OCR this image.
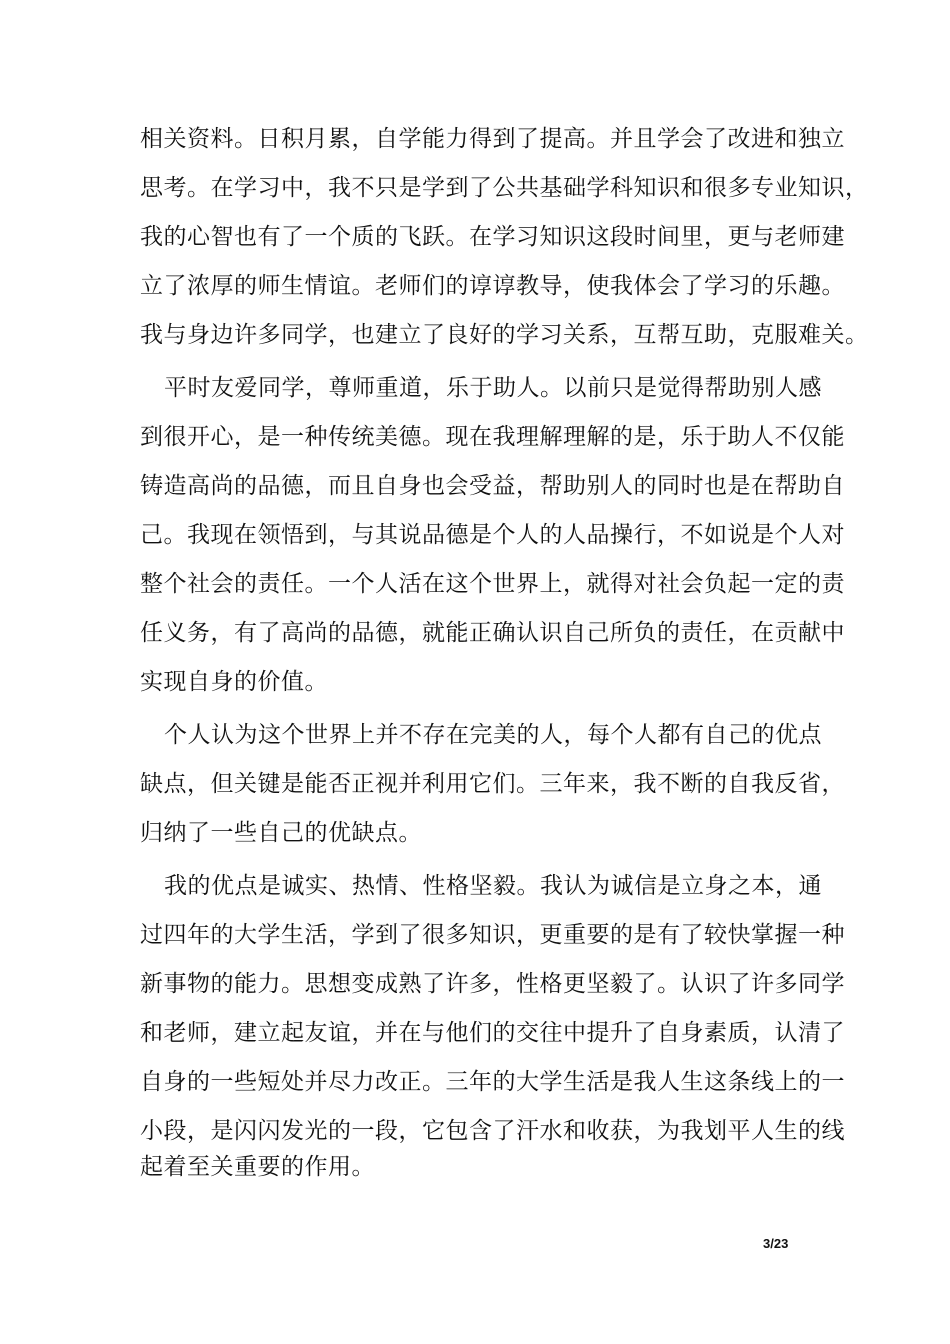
相关资料。日积月累，自学能力得到了提高。并且学会了改进和独立
思考。在学习中，我不只是学到了公共基础学科知识和很多专业知识，
我的心智也有了一个质的飞跃。在学习知识这段时间里，更与老师建
立了浓厚的师生情谊。老师们的谆谆教导，使我体会了学习的乐趣。
我与身边许多同学，也建立了良好的学习关系，互帮互助，克服难关。
平时友爱同学，尊师重道，乐于助人。以前只是觉得帮助别人感
到很开心，是一种传统美德。现在我理解理解的是，乐于助人不仅能
铸造高尚的品德，而且自身也会受益，帮助别人的同时也是在帮助自
己。我现在领悟到，与其说品德是个人的人品操行，不如说是个人对
整个社会的责任。一个人活在这个世界上，就得对社会负起一定的责
任义务，有了高尚的品德，就能正确认识自己所负的责任，在贡献中
实现自身的价值。
个人认为这个世界上并不存在完美的人，每个人都有自己的优点
缺点，但关键是能否正视并利用它们。三年来，我不断的自我反省，
归纳了一些自己的优缺点。
我的优点是诚实、热情、性格坚毅。我认为诚信是立身之本，通
过四年的大学生活，学到了很多知识，更重要的是有了较快掌握一种
新事物的能力。思想变成熟了许多，性格更坚毅了。认识了许多同学
和老师，建立起友谊，并在与他们的交往中提升了自身素质，认清了
自身的一些短处并尽力改正。三年的大学生活是我人生这条线上的一
小段，是闪闪发光的一段，它包含了汗水和收获，为我划平人生的线
起着至关重要的作用。
3/23
